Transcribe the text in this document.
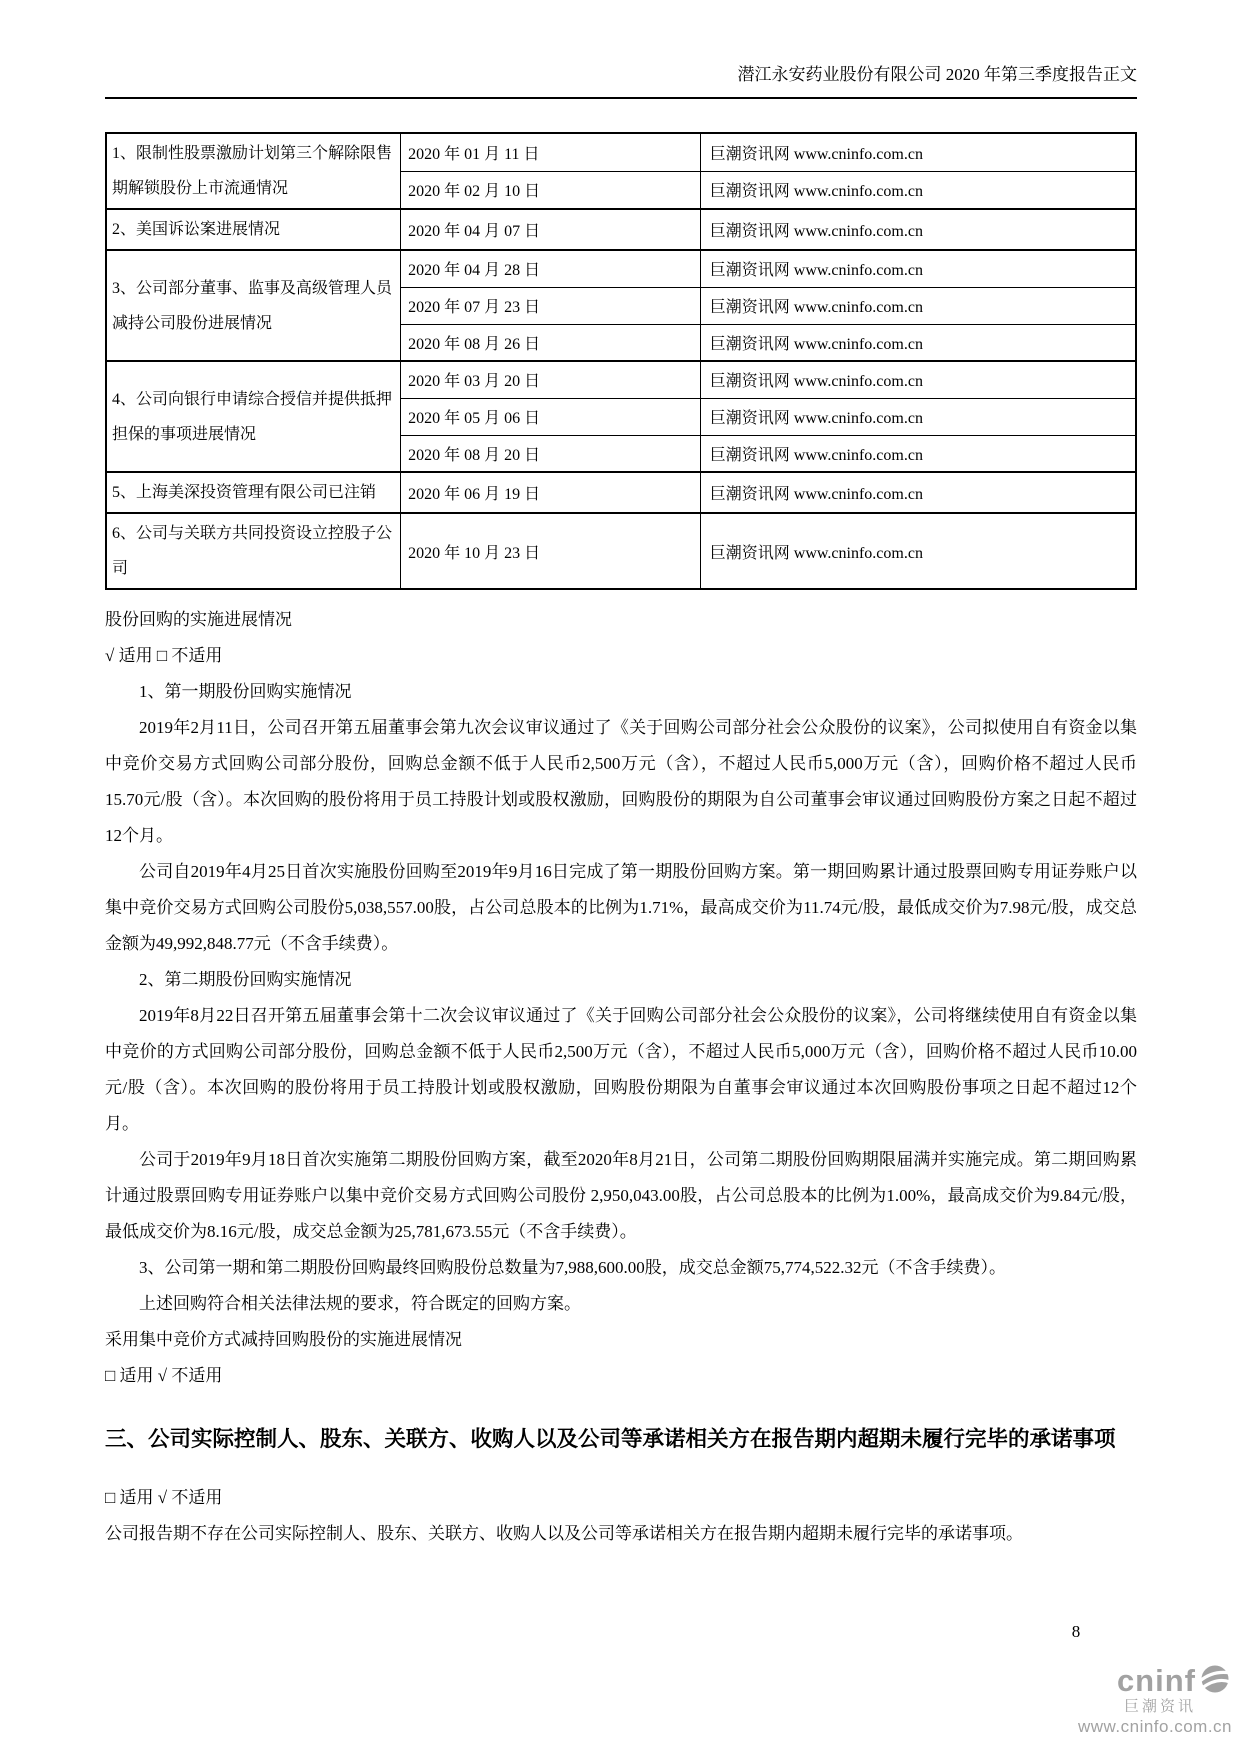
潜江永安药业股份有限公司 2020 年第三季度报告正文
1、限制性股票激励计划第三个解除限售期解锁股份上市流通情况	2020 年 01 月 11 日	巨潮资讯网 www.cninfo.com.cn
	2020 年 02 月 10 日	巨潮资讯网 www.cninfo.com.cn
2、美国诉讼案进展情况	2020 年 04 月 07 日	巨潮资讯网 www.cninfo.com.cn
3、公司部分董事、监事及高级管理人员减持公司股份进展情况	2020 年 04 月 28 日	巨潮资讯网 www.cninfo.com.cn
	2020 年 07 月 23 日	巨潮资讯网 www.cninfo.com.cn
	2020 年 08 月 26 日	巨潮资讯网 www.cninfo.com.cn
4、公司向银行申请综合授信并提供抵押担保的事项进展情况	2020 年 03 月 20 日	巨潮资讯网 www.cninfo.com.cn
	2020 年 05 月 06 日	巨潮资讯网 www.cninfo.com.cn
	2020 年 08 月 20 日	巨潮资讯网 www.cninfo.com.cn
5、上海美深投资管理有限公司已注销	2020 年 06 月 19 日	巨潮资讯网 www.cninfo.com.cn
6、公司与关联方共同投资设立控股子公司	2020 年 10 月 23 日	巨潮资讯网 www.cninfo.com.cn
股份回购的实施进展情况
√ 适用 □ 不适用
1、第一期股份回购实施情况

2019年2月11日，公司召开第五届董事会第九次会议审议通过了《关于回购公司部分社会公众股份的议案》，公司拟使用自有资金以集中竞价交易方式回购公司部分股份，回购总金额不低于人民币2,500万元（含），不超过人民币5,000万元（含），回购价格不超过人民币15.70元/股（含）。本次回购的股份将用于员工持股计划或股权激励，回购股份的期限为自公司董事会审议通过回购股份方案之日起不超过12个月。

公司自2019年4月25日首次实施股份回购至2019年9月16日完成了第一期股份回购方案。第一期回购累计通过股票回购专用证券账户以集中竞价交易方式回购公司股份5,038,557.00股，占公司总股本的比例为1.71%，最高成交价为11.74元/股，最低成交价为7.98元/股，成交总金额为49,992,848.77元（不含手续费）。

2、第二期股份回购实施情况

2019年8月22日召开第五届董事会第十二次会议审议通过了《关于回购公司部分社会公众股份的议案》，公司将继续使用自有资金以集中竞价的方式回购公司部分股份，回购总金额不低于人民币2,500万元（含），不超过人民币5,000万元（含），回购价格不超过人民币10.00元/股（含）。本次回购的股份将用于员工持股计划或股权激励，回购股份期限为自董事会审议通过本次回购股份事项之日起不超过12个月。

公司于2019年9月18日首次实施第二期股份回购方案，截至2020年8月21日，公司第二期股份回购期限届满并实施完成。第二期回购累计通过股票回购专用证券账户以集中竞价交易方式回购公司股份 2,950,043.00股，占公司总股本的比例为1.00%，最高成交价为9.84元/股，最低成交价为8.16元/股，成交总金额为25,781,673.55元（不含手续费）。

3、公司第一期和第二期股份回购最终回购股份总数量为7,988,600.00股，成交总金额75,774,522.32元（不含手续费）。

上述回购符合相关法律法规的要求，符合既定的回购方案。

采用集中竞价方式减持回购股份的实施进展情况
□ 适用 √ 不适用
三、公司实际控制人、股东、关联方、收购人以及公司等承诺相关方在报告期内超期未履行完毕的承诺事项
□ 适用 √ 不适用
公司报告期不存在公司实际控制人、股东、关联方、收购人以及公司等承诺相关方在报告期内超期未履行完毕的承诺事项。
8
cninf
巨潮资讯
www.cninfo.com.cn
